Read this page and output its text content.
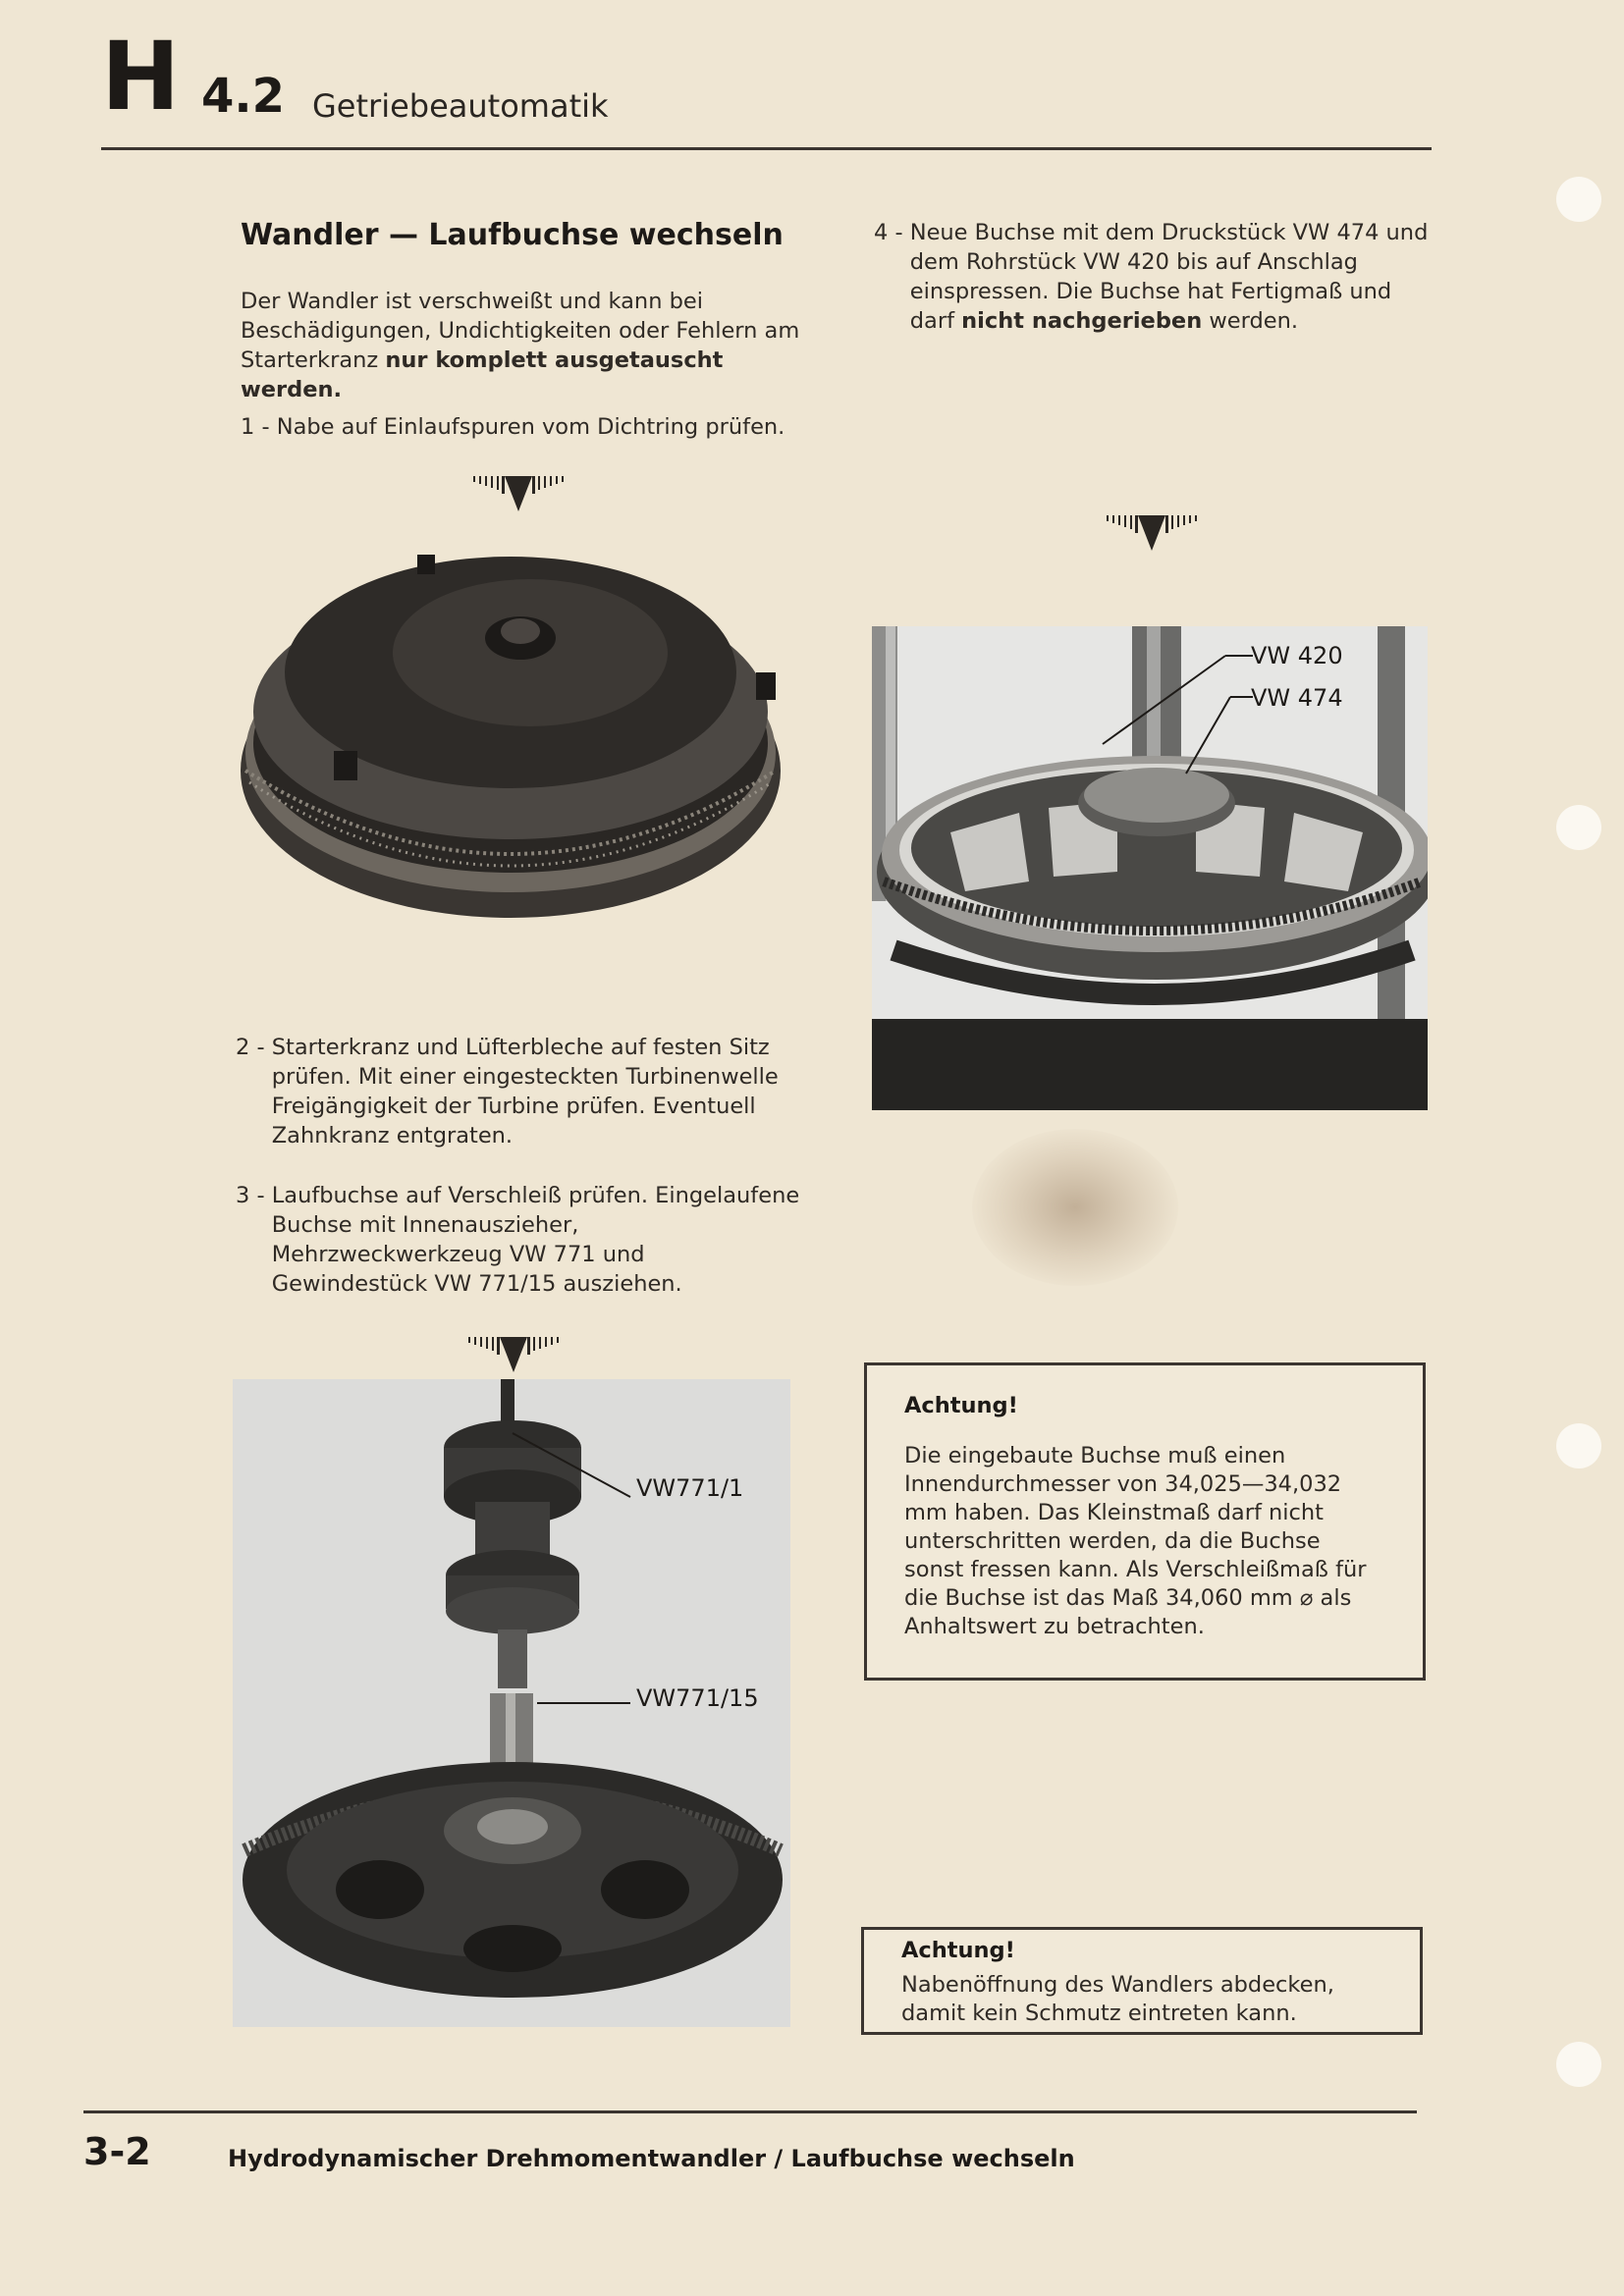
H 4.2 Getriebeautomatik
Wandler — Laufbuchse wechseln
Der Wandler ist verschweißt und kann bei Beschädigungen, Undichtigkeiten oder Fehlern am Starterkranz nur komplett ausgetauscht werden.
1 - Nabe auf Einlaufspuren vom Dichtring prüfen.
4 - Neue Buchse mit dem Druckstück VW 474 und dem Rohrstück VW 420 bis auf Anschlag einspressen. Die Buchse hat Fertigmaß und darf nicht nachgerieben werden.
VW 420
VW 474
2 - Starterkranz und Lüfterbleche auf festen Sitz prüfen. Mit einer eingesteckten Turbinenwelle Freigängigkeit der Turbine prüfen. Eventuell Zahnkranz entgraten.
3 - Laufbuchse auf Verschleiß prüfen. Eingelaufene Buchse mit Innenauszieher, Mehrzweckwerkzeug VW 771 und Gewindestück VW 771/15 ausziehen.
VW771/1
VW771/15
Achtung!
Die eingebaute Buchse muß einen Innendurchmesser von 34,025—34,032 mm haben. Das Kleinstmaß darf nicht unterschritten werden, da die Buchse sonst fressen kann. Als Verschleißmaß für die Buchse ist das Maß 34,060 mm ⌀ als Anhaltswert zu betrachten.
Achtung!
Nabenöffnung des Wandlers abdecken, damit kein Schmutz eintreten kann.
3-2	Hydrodynamischer Drehmomentwandler / Laufbuchse wechseln
